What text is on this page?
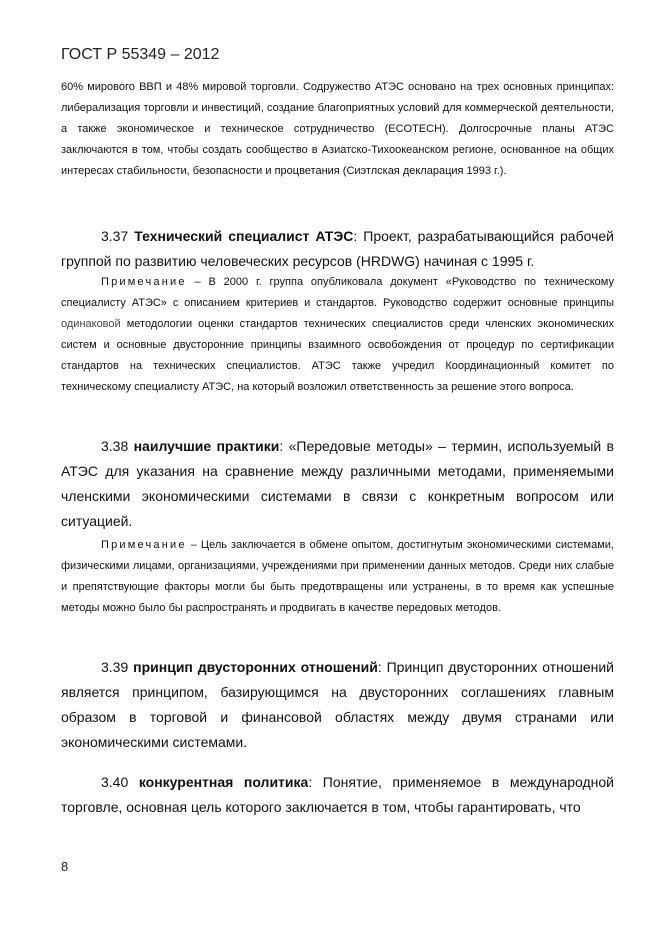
ГОСТ Р 55349 – 2012
60% мирового ВВП и 48% мировой торговли. Содружество АТЭС основано на трех основных принципах: либерализация торговли и инвестиций, создание благоприятных условий для коммерческой деятельности, а также экономическое и техническое сотрудничество (ECOTECH). Долгосрочные планы АТЭС заключаются в том, чтобы создать сообщество в Азиатско-Тихоокеанском регионе, основанное на общих интересах стабильности, безопасности и процветания (Сиэтлская декларация 1993 г.).
3.37 Технический специалист АТЭС: Проект, разрабатывающийся рабочей группой по развитию человеческих ресурсов (HRDWG) начиная с 1995 г.
Примечание – В 2000 г. группа опубликовала документ «Руководство по техническому специалисту АТЭС» с описанием критериев и стандартов. Руководство содержит основные принципы одинаковой методологии оценки стандартов технических специалистов среди членских экономических систем и основные двусторонние принципы взаимного освобождения от процедур по сертификации стандартов на технических специалистов. АТЭС также учредил Координационный комитет по техническому специалисту АТЭС, на который возложил ответственность за решение этого вопроса.
3.38 наилучшие практики: «Передовые методы» – термин, используемый в АТЭС для указания на сравнение между различными методами, применяемыми членскими экономическими системами в связи с конкретным вопросом или ситуацией.
Примечание – Цель заключается в обмене опытом, достигнутым экономическими системами, физическими лицами, организациями, учреждениями при применении данных методов. Среди них слабые и препятствующие факторы могли бы быть предотвращены или устранены, в то время как успешные методы можно было бы распространять и продвигать в качестве передовых методов.
3.39 принцип двусторонних отношений: Принцип двусторонних отношений является принципом, базирующимся на двусторонних соглашениях главным образом в торговой и финансовой областях между двумя странами или экономическими системами.
3.40 конкурентная политика: Понятие, применяемое в международной торговле, основная цель которого заключается в том, чтобы гарантировать, что
8
